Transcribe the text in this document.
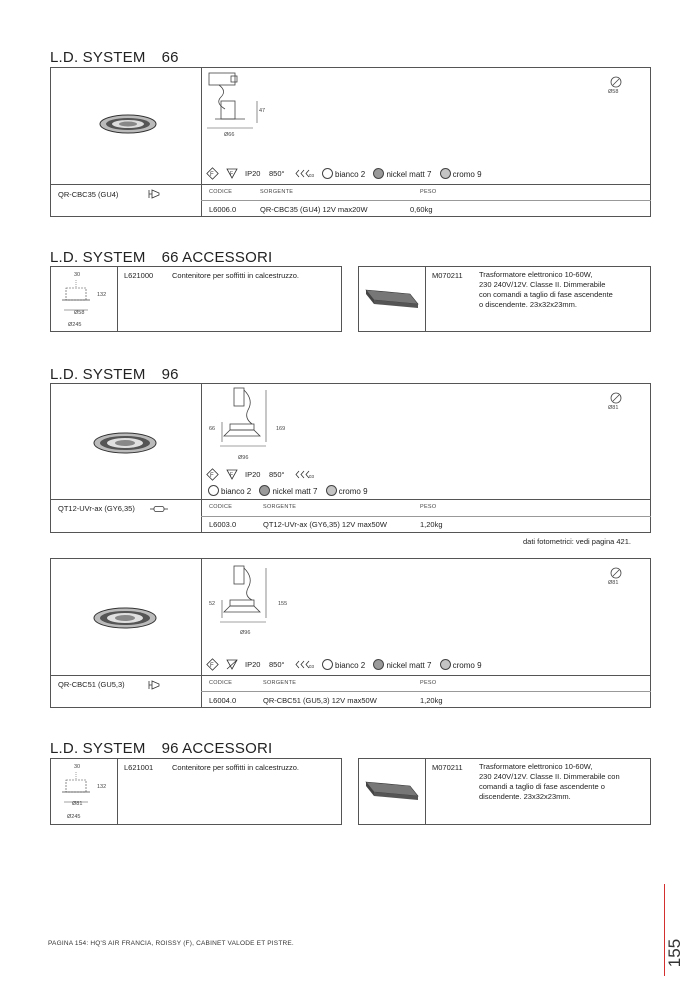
L.D. SYSTEM 66
47
Ø66
Ø58
F	F IP20 850°	03	bianco 2	nickel matt 7	cromo 9
QR-CBC35 (GU4)	CODICE	SORGENTE	PESO
L6006.0	QR-CBC35 (GU4) 12V max20W	0,60kg
L.D. SYSTEM 66 ACCESSORI
30
132
Ø58
Ø245
L621000	Contenitore per soffitti in calcestruzzo.	M070211 Trasformatore elettronico 10-60W,
230 240V/12V. Classe II. Dimmerabile
con comandi a taglio di fase ascendente
o discendente. 23x32x23mm.
L.D. SYSTEM 96
66	169
Ø96
Ø81
F	F IP20 850°	03
bianco 2	nickel matt 7	cromo 9
QT12-UVr-ax (GY6,35)	CODICE	SORGENTE	PESO
L6003.0	QT12-UVr-ax (GY6,35) 12V max50W	1,20kg
dati fotometrici: vedi pagina 421.
52	155
Ø96
Ø81
F	IP20 850°	03	bianco 2	nickel matt 7	cromo 9
QR-CBC51 (GU5,3)	CODICE	SORGENTE	PESO
L6004.0	QR-CBC51 (GU5,3) 12V max50W	1,20kg
L.D. SYSTEM 96 ACCESSORI
30
132
Ø81
Ø245
L621001	Contenitore per soffitti in calcestruzzo.	M070211 Trasformatore elettronico 10-60W,
230 240V/12V. Classe II. Dimmerabile con
comandi a taglio di fase ascendente o
discendente. 23x32x23mm.
PAGINA 154: HQ'S AIR FRANCIA, ROISSY (F), CABINET VALODE ET PISTRE.	155
